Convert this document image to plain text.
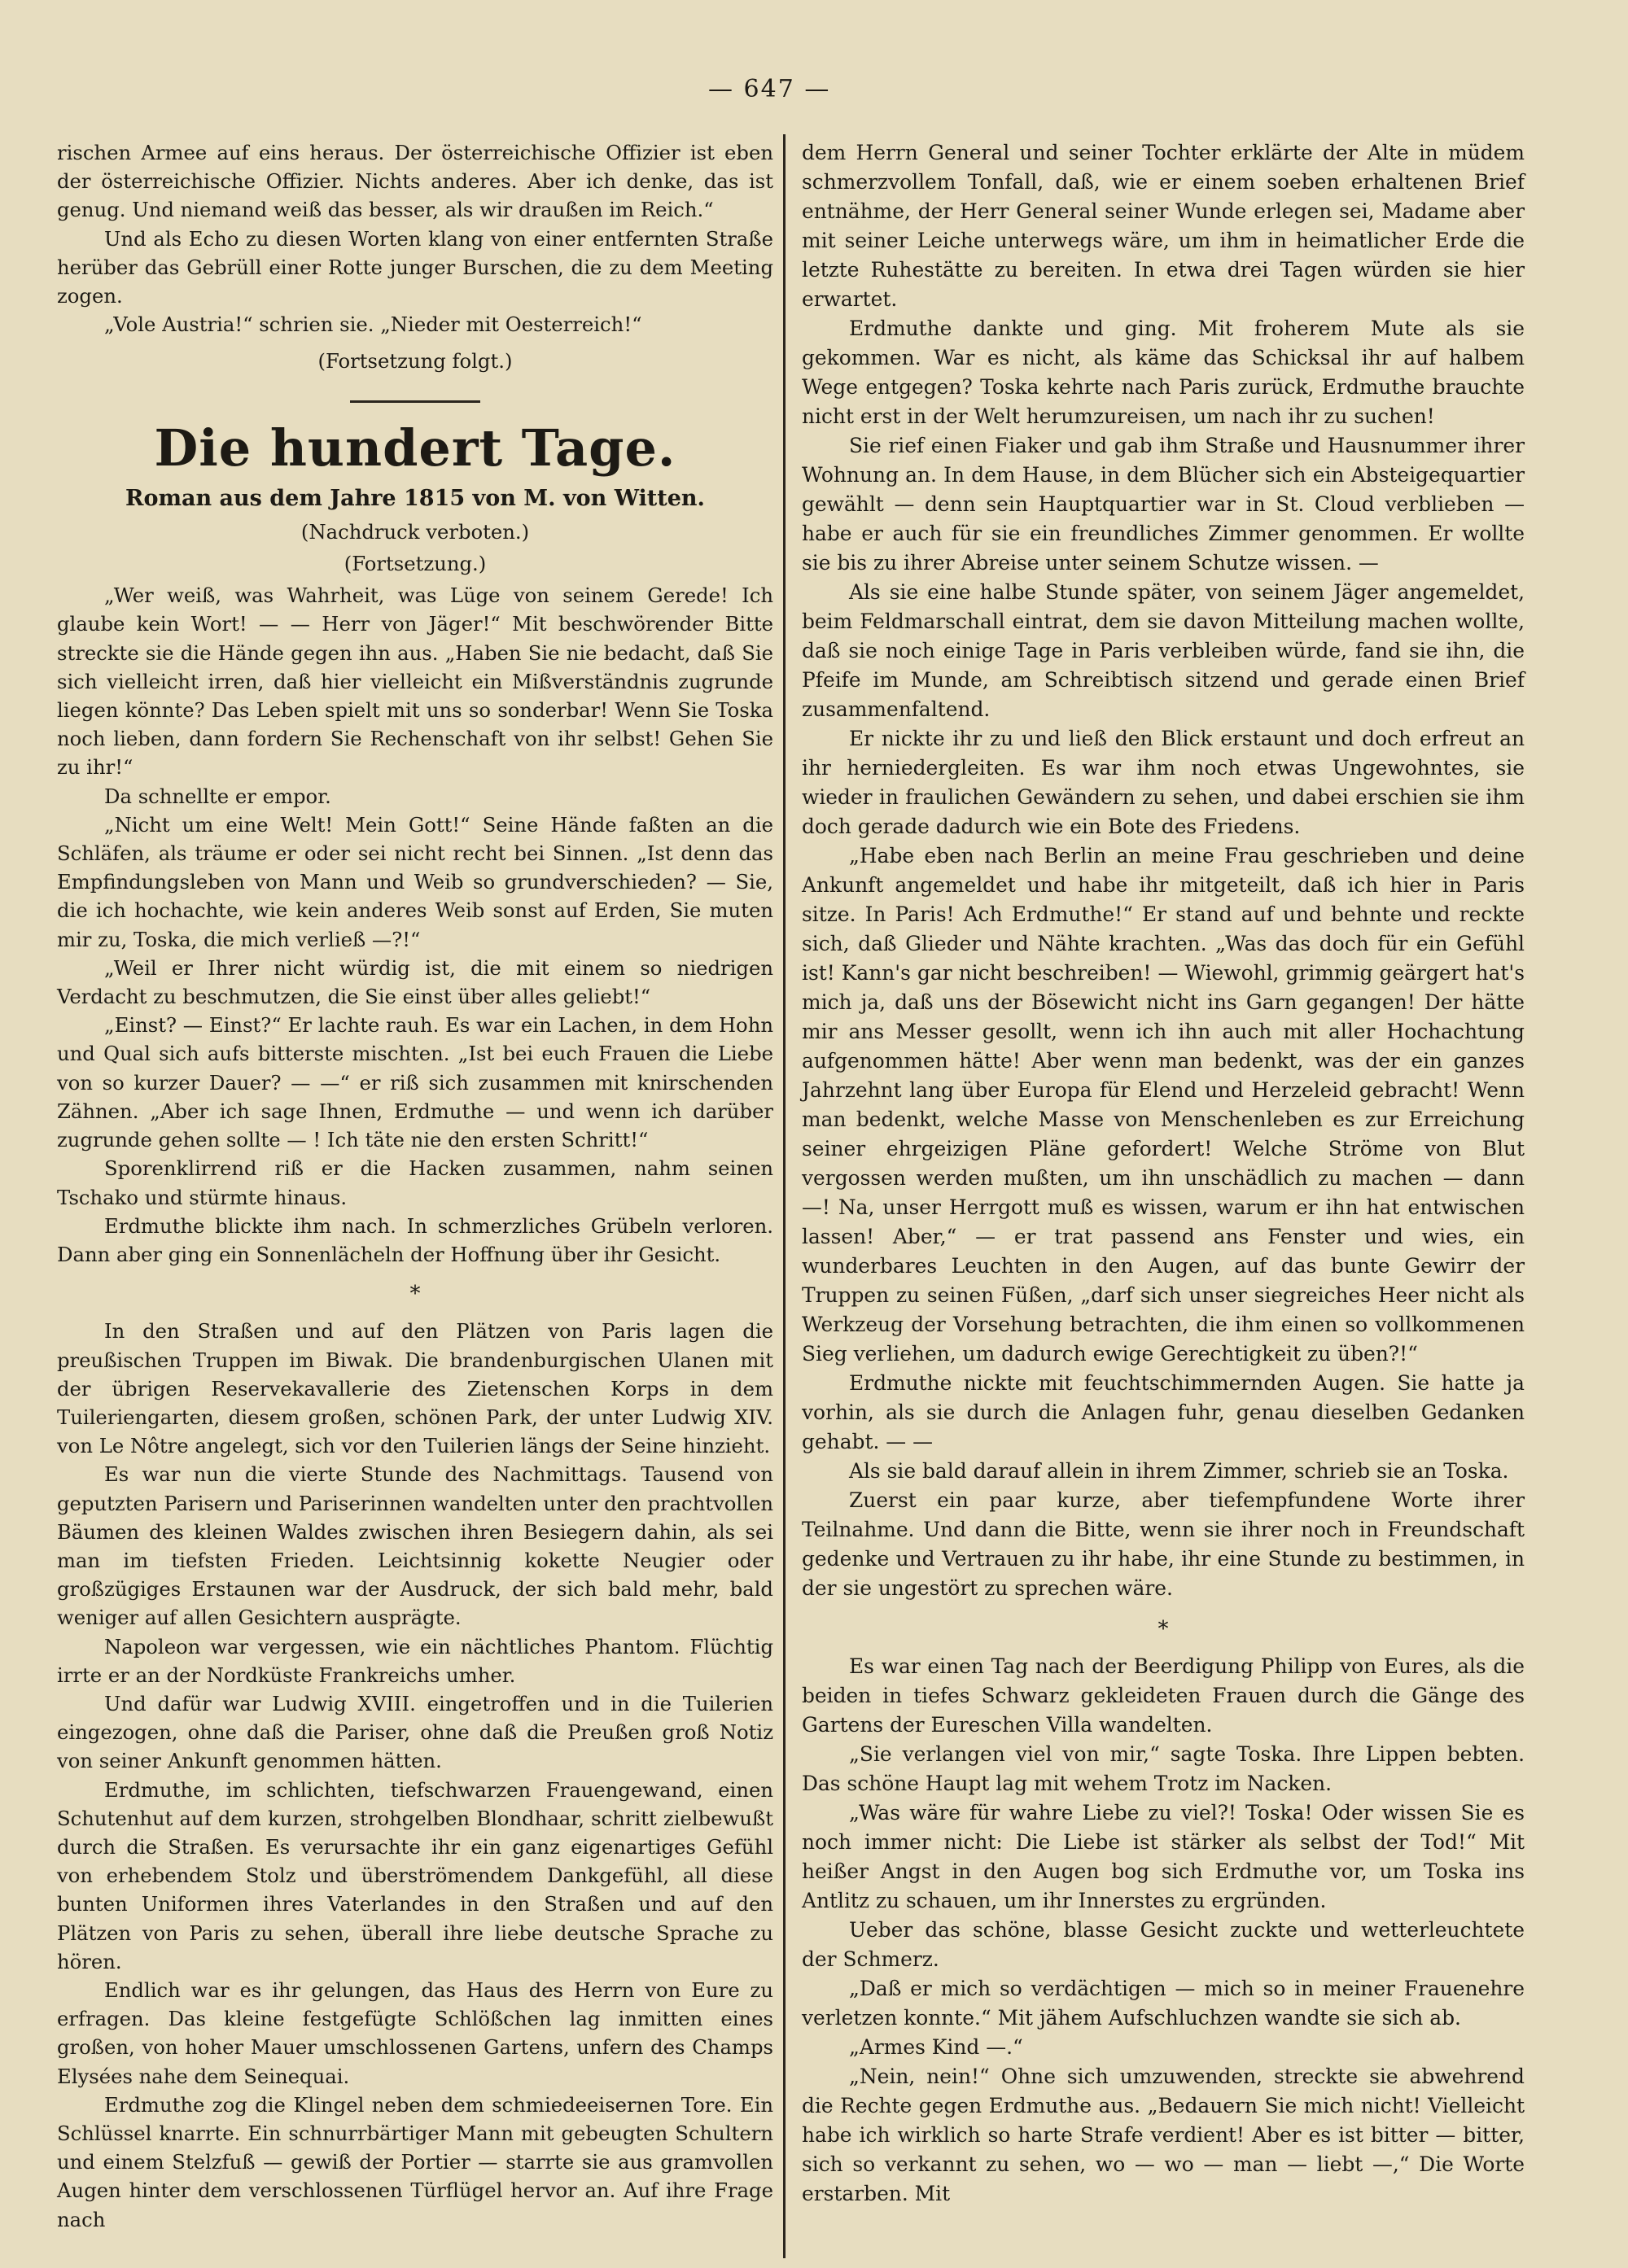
— 647 —

rischen Armee auf eins heraus. Der österreichische Offizier ist eben der österreichische Offizier. Nichts anderes. Aber ich denke, das ist genug. Und niemand weiß das besser, als wir draußen im Reich.“

Und als Echo zu diesen Worten klang von einer entfernten Straße herüber das Gebrüll einer Rotte junger Burschen, die zu dem Meeting zogen.

„Vole Austria!“ schrien sie. „Nieder mit Oesterreich!“

(Fortsetzung folgt.)

Die hundert Tage.

Roman aus dem Jahre 1815 von M. von Witten.

(Nachdruck verboten.)

(Fortsetzung.)

„Wer weiß, was Wahrheit, was Lüge von seinem Gerede! Ich glaube kein Wort! — — Herr von Jäger!“ Mit beschwörender Bitte streckte sie die Hände gegen ihn aus. „Haben Sie nie bedacht, daß Sie sich vielleicht irren, daß hier vielleicht ein Mißverständnis zugrunde liegen könnte? Das Leben spielt mit uns so sonderbar! Wenn Sie Toska noch lieben, dann fordern Sie Rechenschaft von ihr selbst! Gehen Sie zu ihr!“

Da schnellte er empor.

„Nicht um eine Welt! Mein Gott!“ Seine Hände faßten an die Schläfen, als träume er oder sei nicht recht bei Sinnen. „Ist denn das Empfindungsleben von Mann und Weib so grundverschieden? — Sie, die ich hochachte, wie kein anderes Weib sonst auf Erden, Sie muten mir zu, Toska, die mich verließ —?!“

„Weil er Ihrer nicht würdig ist, die mit einem so niedrigen Verdacht zu beschmutzen, die Sie einst über alles geliebt!“

„Einst? — Einst?“ Er lachte rauh. Es war ein Lachen, in dem Hohn und Qual sich aufs bitterste mischten. „Ist bei euch Frauen die Liebe von so kurzer Dauer? — —“ er riß sich zusammen mit knirschenden Zähnen. „Aber ich sage Ihnen, Erdmuthe — und wenn ich darüber zugrunde gehen sollte — ! Ich täte nie den ersten Schritt!“

Sporenklirrend riß er die Hacken zusammen, nahm seinen Tschako und stürmte hinaus.

Erdmuthe blickte ihm nach. In schmerzliches Grübeln verloren. Dann aber ging ein Sonnenlächeln der Hoffnung über ihr Gesicht.

*

In den Straßen und auf den Plätzen von Paris lagen die preußischen Truppen im Biwak. Die brandenburgischen Ulanen mit der übrigen Reservekavallerie des Zietenschen Korps in dem Tuileriengarten, diesem großen, schönen Park, der unter Ludwig XIV. von Le Nôtre angelegt, sich vor den Tuilerien längs der Seine hinzieht.

Es war nun die vierte Stunde des Nachmittags. Tausend von geputzten Parisern und Pariserinnen wandelten unter den prachtvollen Bäumen des kleinen Waldes zwischen ihren Besiegern dahin, als sei man im tiefsten Frieden. Leichtsinnig kokette Neugier oder großzügiges Erstaunen war der Ausdruck, der sich bald mehr, bald weniger auf allen Gesichtern ausprägte.

Napoleon war vergessen, wie ein nächtliches Phantom. Flüchtig irrte er an der Nordküste Frankreichs umher.

Und dafür war Ludwig XVIII. eingetroffen und in die Tuilerien eingezogen, ohne daß die Pariser, ohne daß die Preußen groß Notiz von seiner Ankunft genommen hätten.

Erdmuthe, im schlichten, tiefschwarzen Frauengewand, einen Schutenhut auf dem kurzen, strohgelben Blondhaar, schritt zielbewußt durch die Straßen. Es verursachte ihr ein ganz eigenartiges Gefühl von erhebendem Stolz und überströmendem Dankgefühl, all diese bunten Uniformen ihres Vaterlandes in den Straßen und auf den Plätzen von Paris zu sehen, überall ihre liebe deutsche Sprache zu hören.

Endlich war es ihr gelungen, das Haus des Herrn von Eure zu erfragen. Das kleine festgefügte Schlößchen lag inmitten eines großen, von hoher Mauer umschlossenen Gartens, unfern des Champs Elysées nahe dem Seinequai.

Erdmuthe zog die Klingel neben dem schmiedeeisernen Tore. Ein Schlüssel knarrte. Ein schnurrbärtiger Mann mit gebeugten Schultern und einem Stelzfuß — gewiß der Portier — starrte sie aus gramvollen Augen hinter dem verschlossenen Türflügel hervor an. Auf ihre Frage nach

dem Herrn General und seiner Tochter erklärte der Alte in müdem schmerzvollem Tonfall, daß, wie er einem soeben erhaltenen Brief entnähme, der Herr General seiner Wunde erlegen sei, Madame aber mit seiner Leiche unterwegs wäre, um ihm in heimatlicher Erde die letzte Ruhestätte zu bereiten. In etwa drei Tagen würden sie hier erwartet.

Erdmuthe dankte und ging. Mit froherem Mute als sie gekommen. War es nicht, als käme das Schicksal ihr auf halbem Wege entgegen? Toska kehrte nach Paris zurück, Erdmuthe brauchte nicht erst in der Welt herumzureisen, um nach ihr zu suchen!

Sie rief einen Fiaker und gab ihm Straße und Hausnummer ihrer Wohnung an. In dem Hause, in dem Blücher sich ein Absteigequartier gewählt — denn sein Hauptquartier war in St. Cloud verblieben — habe er auch für sie ein freundliches Zimmer genommen. Er wollte sie bis zu ihrer Abreise unter seinem Schutze wissen. —

Als sie eine halbe Stunde später, von seinem Jäger angemeldet, beim Feldmarschall eintrat, dem sie davon Mitteilung machen wollte, daß sie noch einige Tage in Paris verbleiben würde, fand sie ihn, die Pfeife im Munde, am Schreibtisch sitzend und gerade einen Brief zusammenfaltend.

Er nickte ihr zu und ließ den Blick erstaunt und doch erfreut an ihr herniedergleiten. Es war ihm noch etwas Ungewohntes, sie wieder in fraulichen Gewändern zu sehen, und dabei erschien sie ihm doch gerade dadurch wie ein Bote des Friedens.

„Habe eben nach Berlin an meine Frau geschrieben und deine Ankunft angemeldet und habe ihr mitgeteilt, daß ich hier in Paris sitze. In Paris! Ach Erdmuthe!“ Er stand auf und behnte und reckte sich, daß Glieder und Nähte krachten. „Was das doch für ein Gefühl ist! Kann's gar nicht beschreiben! — Wiewohl, grimmig geärgert hat's mich ja, daß uns der Bösewicht nicht ins Garn gegangen! Der hätte mir ans Messer gesollt, wenn ich ihn auch mit aller Hochachtung aufgenommen hätte! Aber wenn man bedenkt, was der ein ganzes Jahrzehnt lang über Europa für Elend und Herzeleid gebracht! Wenn man bedenkt, welche Masse von Menschenleben es zur Erreichung seiner ehrgeizigen Pläne gefordert! Welche Ströme von Blut vergossen werden mußten, um ihn unschädlich zu machen — dann —! Na, unser Herrgott muß es wissen, warum er ihn hat entwischen lassen! Aber,“ — er trat passend ans Fenster und wies, ein wunderbares Leuchten in den Augen, auf das bunte Gewirr der Truppen zu seinen Füßen, „darf sich unser siegreiches Heer nicht als Werkzeug der Vorsehung betrachten, die ihm einen so vollkommenen Sieg verliehen, um dadurch ewige Gerechtigkeit zu üben?!“

Erdmuthe nickte mit feuchtschimmernden Augen. Sie hatte ja vorhin, als sie durch die Anlagen fuhr, genau dieselben Gedanken gehabt. — —

Als sie bald darauf allein in ihrem Zimmer, schrieb sie an Toska.

Zuerst ein paar kurze, aber tiefempfundene Worte ihrer Teilnahme. Und dann die Bitte, wenn sie ihrer noch in Freundschaft gedenke und Vertrauen zu ihr habe, ihr eine Stunde zu bestimmen, in der sie ungestört zu sprechen wäre.

*

Es war einen Tag nach der Beerdigung Philipp von Eures, als die beiden in tiefes Schwarz gekleideten Frauen durch die Gänge des Gartens der Eureschen Villa wandelten.

„Sie verlangen viel von mir,“ sagte Toska. Ihre Lippen bebten. Das schöne Haupt lag mit wehem Trotz im Nacken.

„Was wäre für wahre Liebe zu viel?! Toska! Oder wissen Sie es noch immer nicht: Die Liebe ist stärker als selbst der Tod!“ Mit heißer Angst in den Augen bog sich Erdmuthe vor, um Toska ins Antlitz zu schauen, um ihr Innerstes zu ergründen.

Ueber das schöne, blasse Gesicht zuckte und wetterleuchtete der Schmerz.

„Daß er mich so verdächtigen — mich so in meiner Frauenehre verletzen konnte.“ Mit jähem Aufschluchzen wandte sie sich ab.

„Armes Kind —.“

„Nein, nein!“ Ohne sich umzuwenden, streckte sie abwehrend die Rechte gegen Erdmuthe aus. „Bedauern Sie mich nicht! Vielleicht habe ich wirklich so harte Strafe verdient! Aber es ist bitter — bitter, sich so verkannt zu sehen, wo — wo — man — liebt —,“ Die Worte erstarben. Mit
